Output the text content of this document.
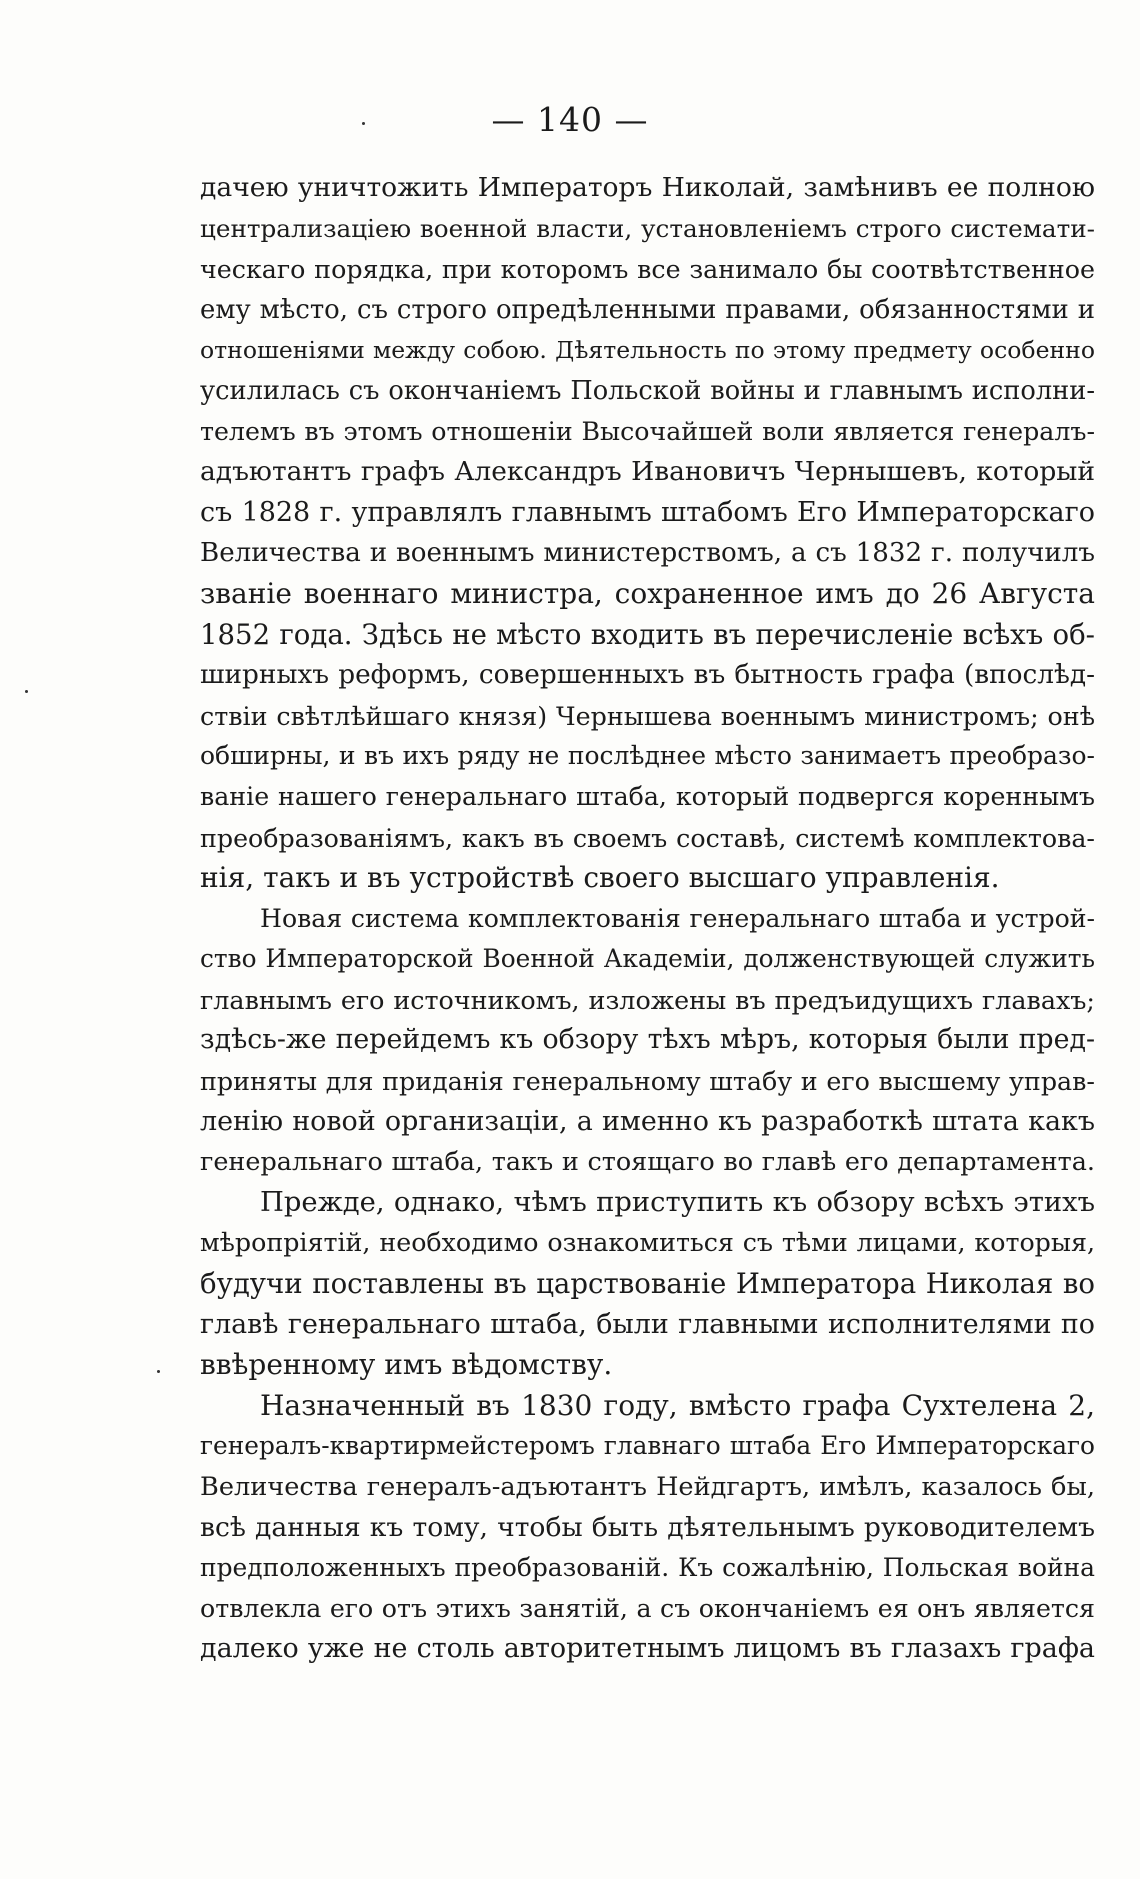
— 140 —
дачею уничтожить Императоръ Николай, замѣнивъ ее полною
централизацiею военной власти, установленiемъ строго системати-
ческаго порядка, при которомъ все занимало бы соотвѣтственное
ему мѣсто, съ строго опредѣленными правами, обязанностями и
отношенiями между собою. Дѣятельность по этому предмету особенно
усилилась съ окончанiемъ Польской войны и главнымъ исполни-
телемъ въ этомъ отношенiи Высочайшей воли является генералъ-
адъютантъ графъ Александръ Ивановичъ Чернышевъ, который
съ 1828 г. управлялъ главнымъ штабомъ Его Императорскаго
Величества и военнымъ министерствомъ, а съ 1832 г. получилъ
званiе военнаго министра, сохраненное имъ до 26 Августа
1852 года. Здѣсь не мѣсто входить въ перечисленiе всѣхъ об-
ширныхъ реформъ, совершенныхъ въ бытность графа (впослѣд-
ствiи свѣтлѣйшаго князя) Чернышева военнымъ министромъ; онѣ
обширны, и въ ихъ ряду не послѣднее мѣсто занимаетъ преобразо-
ванiе нашего генеральнаго штаба, который подвергся кореннымъ
преобразованiямъ, какъ въ своемъ составѣ, системѣ комплектова-
нiя, такъ и въ устройствѣ своего высшаго управленiя.
Новая система комплектованiя генеральнаго штаба и устрой-
ство Императорской Военной Академiи, долженствующей служить
главнымъ его источникомъ, изложены въ предъидущихъ главахъ;
здѣсь-же перейдемъ къ обзору тѣхъ мѣръ, которыя были пред-
приняты для приданiя генеральному штабу и его высшему управ-
ленiю новой организацiи, а именно къ разработкѣ штата какъ
генеральнаго штаба, такъ и стоящаго во главѣ его департамента.
Прежде, однако, чѣмъ приступить къ обзору всѣхъ этихъ
мѣропрiятiй, необходимо ознакомиться съ тѣми лицами, которыя,
будучи поставлены въ царствованiе Императора Николая во
главѣ генеральнаго штаба, были главными исполнителями по
ввѣренному имъ вѣдомству.
Назначенный въ 1830 году, вмѣсто графа Сухтелена 2,
генералъ-квартирмейстеромъ главнаго штаба Его Императорскаго
Величества генералъ-адъютантъ Нейдгартъ, имѣлъ, казалось бы,
всѣ данныя къ тому, чтобы быть дѣятельнымъ руководителемъ
предположенныхъ преобразованiй. Къ сожалѣнiю, Польская война
отвлекла его отъ этихъ занятiй, а съ окончанiемъ ея онъ является
далеко уже не столь авторитетнымъ лицомъ въ глазахъ графа
